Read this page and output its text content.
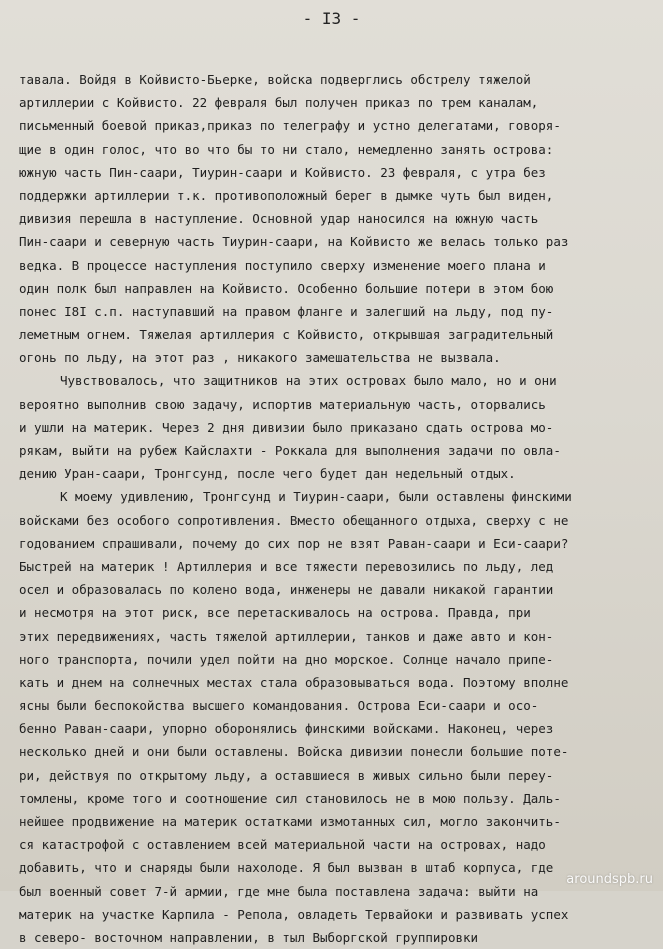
- I3 -
тавала. Войдя в Койвисто-Бьерке, войска подверглись обстрелу тяжелой
артиллерии с Койвисто. 22 февраля был получен приказ по трем каналам,
письменный боевой приказ,приказ по телеграфу и устно делегатами, говоря-
щие в один голос, что во что бы то ни стало, немедленно занять острова:
южную часть Пин-саари, Тиурин-саари и Койвисто. 23 февраля, с утра без
поддержки артиллерии т.к. противоположный берег в дымке чуть был виден,
дивизия перешла в наступление. Основной удар наносился на южную часть
Пин-саари и северную часть Тиурин-саари, на Койвисто же велась только раз
ведка. В процессе наступления поступило сверху изменение моего плана и
один полк был направлен на Койвисто. Особенно большие потери в этом бою
понес I8I с.п. наступавший на правом фланге и залегший на льду, под пу-
леметным огнем. Тяжелая артиллерия с Койвисто, открывшая заградительный
огонь по льду, на этот раз , никакого замешательства не вызвала.
Чувствовалось, что защитников на этих островах было мало, но и они
вероятно выполнив свою задачу, испортив материальную часть, оторвались
и ушли на материк. Через 2 дня дивизии было приказано сдать острова мо-
рякам, выйти на рубеж Кайслахти - Роккала для выполнения задачи по овла-
дению Уран-саари, Тронгсунд, после чего будет дан недельный отдых.
К моему удивлению, Тронгсунд и Тиурин-саари, были оставлены финскими
войсками без особого сопротивления. Вместо обещанного отдыха, сверху с не
годованием спрашивали, почему до сих пор не взят Раван-саари и Еси-саари?
Быстрей на материк ! Артиллерия и все тяжести перевозились по льду, лед
осел и образовалась по колено вода, инженеры не давали никакой гарантии
и несмотря на этот риск, все перетаскивалось на острова. Правда, при
этих передвижениях, часть тяжелой артиллерии, танков и даже авто и кон-
ного транспорта, почили удел пойти на дно морское. Солнце начало припе-
кать и днем на солнечных местах стала образовываться вода. Поэтому вполне
ясны были беспокойства высшего командования. Острова Еси-саари и осо-
бенно Раван-саари, упорно оборонялись финскими войсками. Наконец, через
несколько дней и они были оставлены. Войска дивизии понесли большие поте-
ри, действуя по открытому льду, а оставшиеся в живых сильно были переу-
томлены, кроме того и соотношение сил становилось не в мою пользу. Даль-
нейшее продвижение на материк остатками измотанных сил, могло закончить-
ся катастрофой с оставлением всей материальной части на островах, надо
добавить, что и снаряды были нахолоде. Я был вызван в штаб корпуса, где
был военный совет 7-й армии, где мне была поставлена задача: выйти на
материк на участке Карпила - Репола, овладеть Тервайоки и развивать успех
в северо- восточном направлении, в тыл Выборгской группировки
aroundspb.ru
